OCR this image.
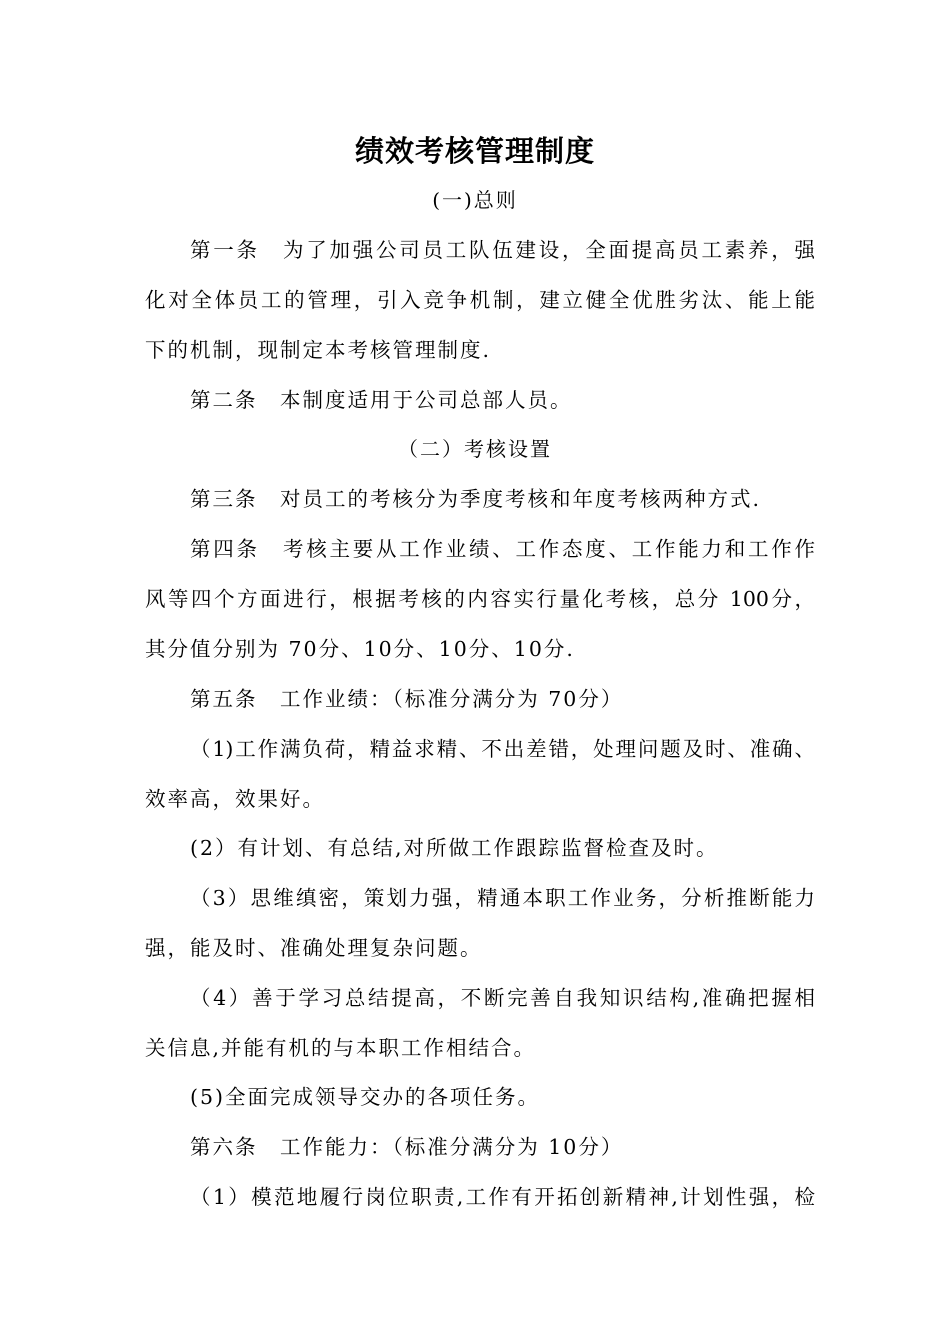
绩效考核管理制度
(一)总则
第一条　为了加强公司员工队伍建设，全面提高员工素养，强
化对全体员工的管理，引入竞争机制，建立健全优胜劣汰、能上能
下的机制，现制定本考核管理制度.
第二条　本制度适用于公司总部人员。
（二）考核设置
第三条　对员工的考核分为季度考核和年度考核两种方式.
第四条　考核主要从工作业绩、工作态度、工作能力和工作作
风等四个方面进行，根据考核的内容实行量化考核，总分 100分，
其分值分别为 70分、10分、10分、10分.
第五条　工作业绩：（标准分满分为 70分）
（1)工作满负荷，精益求精、不出差错，处理问题及时、准确、
效率高，效果好。
(2）有计划、有总结,对所做工作跟踪监督检查及时。
（3）思维缜密，策划力强，精通本职工作业务，分析推断能力
强，能及时、准确处理复杂问题。
（4）善于学习总结提高，不断完善自我知识结构,准确把握相
关信息,并能有机的与本职工作相结合。
(5)全面完成领导交办的各项任务。
第六条　工作能力：（标准分满分为 10分）
（1）模范地履行岗位职责,工作有开拓创新精神,计划性强，检
